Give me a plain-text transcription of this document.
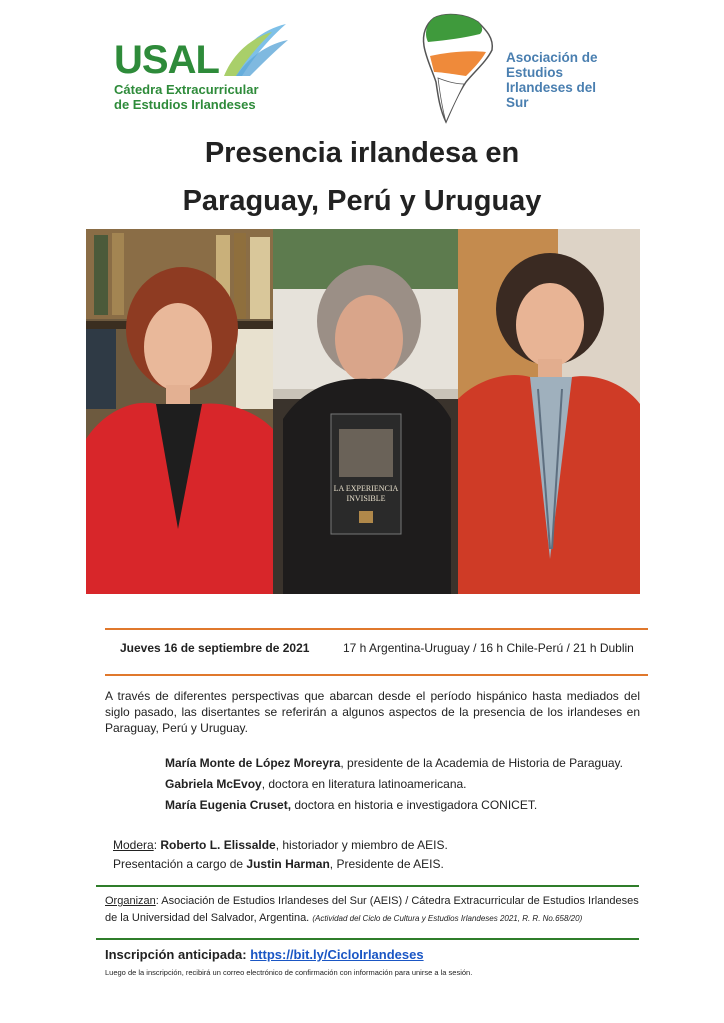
USAL
Cátedra Extracurricular
de Estudios Irlandeses
Asociación de
Estudios
Irlandeses del
Sur
Presencia irlandesa en
Paraguay, Perú y Uruguay
LA EXPERIENCIA
INVISIBLE
Jueves 16 de septiembre de 2021	17 h Argentina-Uruguay / 16 h Chile-Perú / 21 h Dublin
A través de diferentes perspectivas que abarcan desde el período hispánico hasta mediados del siglo pasado, las disertantes se referirán a algunos aspectos de la presencia de los irlandeses en Paraguay, Perú y Uruguay.
María Monte de López Moreyra, presidente de la Academia de Historia de Paraguay.
Gabriela McEvoy, doctora en literatura latinoamericana.
María Eugenia Cruset, doctora en historia e investigadora CONICET.
Modera: Roberto L. Elissalde, historiador y miembro de AEIS.
Presentación a cargo de Justin Harman, Presidente de AEIS.
Organizan: Asociación de Estudios Irlandeses del Sur (AEIS) / Cátedra Extracurricular de Estudios Irlandeses de la Universidad del Salvador, Argentina. (Actividad del Ciclo de Cultura y Estudios Irlandeses 2021, R. R. No.658/20)
Inscripción anticipada: https://bit.ly/CicloIrlandeses
Luego de la inscripción, recibirá un correo electrónico de confirmación con información para unirse a la sesión.
